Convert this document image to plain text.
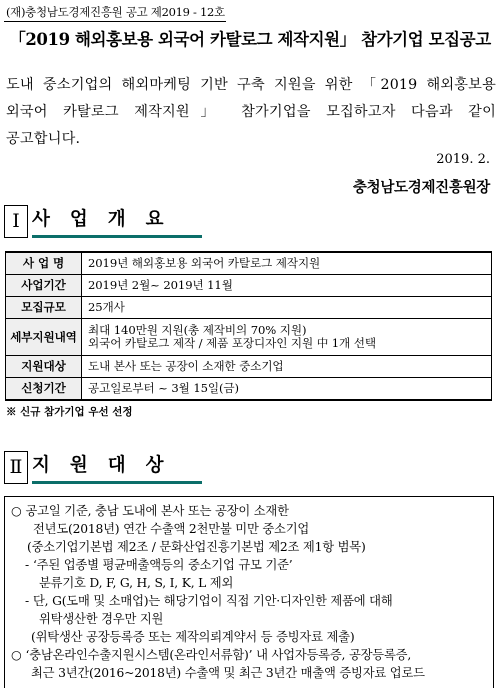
(재)충청남도경제진흥원 공고 제2019 - 12호
「2019 해외홍보용 외국어 카탈로그 제작지원」 참가기업 모집공고

도내 중소기업의 해외마케팅 기반 구축 지원을 위한 「2019 해외홍보용

외국어 카탈로그 제작지원」 참가기업을 모집하고자 다음과 같이

공고합니다.

2019. 2.
충청남도경제진흥원장
Ⅰ 사업개요
사 업 명	2019년 해외홍보용 외국어 카탈로그 제작지원
사업기간	2019년 2월~ 2019년 11월
모집규모	25개사
세부지원내역	최대 140만원 지원(총 제작비의 70% 지원)
외국어 카탈로그 제작 / 제품 포장디자인 지원 中 1개 선택

지원대상	도내 본사 또는 공장이 소재한 중소기업
신청기간	공고일로부터 ~ 3월 15일(금)
※ 신규 참가기업 우선 선정
Ⅱ 지원대상
○ 공고일 기준, 충남 도내에 본사 또는 공장이 소재한
전년도(2018년) 연간 수출액 2천만불 미만 중소기업
(중소기업기본법 제2조 / 문화산업진흥기본법 제2조 제1항 범목)
- ‘주된 업종별 평균매출액등의 중소기업 규모 기준’
분류기호 D, F, G, H, S, I, K, L 제외
- 단, G(도매 및 소매업)는 해당기업이 직접 기안·디자인한 제품에 대해
위탁생산한 경우만 지원
(위탁생산 공장등록증 또는 제작의뢰계약서 등 증빙자료 제출)
○ ‘충남온라인수출지원시스템(온라인서류함)’ 내 사업자등록증, 공장등록증,
최근 3년간(2016~2018년) 수출액 및 최근 3년간 매출액 증빙자료 업로드
